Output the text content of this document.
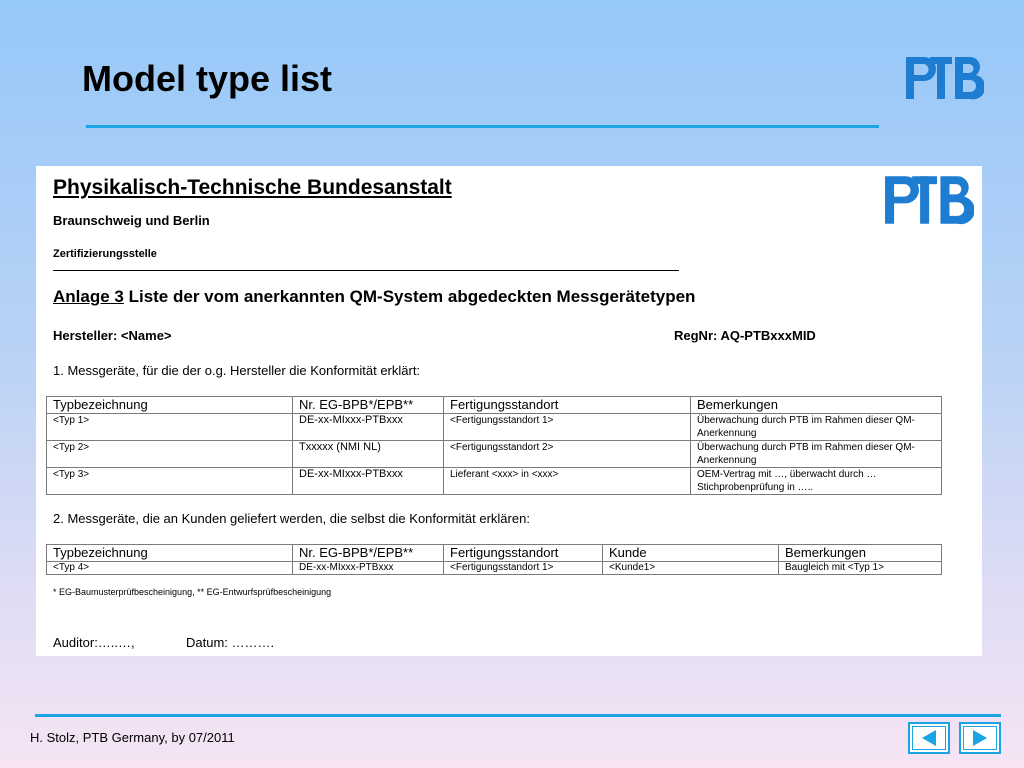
Model type list
Physikalisch-Technische Bundesanstalt
Braunschweig und Berlin
Zertifizierungsstelle
Anlage 3 Liste der vom anerkannten QM-System abgedeckten Messgerätetypen
Hersteller: <Name>	RegNr: AQ-PTBxxxMID
1. Messgeräte, für die der o.g. Hersteller die Konformität erklärt:
Typbezeichnung	Nr. EG-BPB*/EPB**	Fertigungsstandort	Bemerkungen
<Typ 1>	DE-xx-MIxxx-PTBxxx	<Fertigungsstandort 1>	Überwachung durch PTB im Rahmen dieser QM-Anerkennung
<Typ 2>	Txxxxx (NMI NL)	<Fertigungsstandort 2>	Überwachung durch PTB im Rahmen dieser QM-Anerkennung
<Typ 3>	DE-xx-MIxxx-PTBxxx	Lieferant <xxx> in <xxx>	OEM-Vertrag mit …, überwacht durch … Stichprobenprüfung in …..
2. Messgeräte, die an Kunden geliefert werden, die selbst die Konformität erklären:
Typbezeichnung	Nr. EG-BPB*/EPB**	Fertigungsstandort	Kunde	Bemerkungen
<Typ 4>	DE-xx-MIxxx-PTBxxx	<Fertigungsstandort 1>	<Kunde1>	Baugleich mit <Typ 1>
* EG-Baumusterprüfbescheinigung, ** EG-Entwurfsprüfbescheinigung
Auditor:…..…,	Datum: ……….
H. Stolz, PTB Germany, by 07/2011
